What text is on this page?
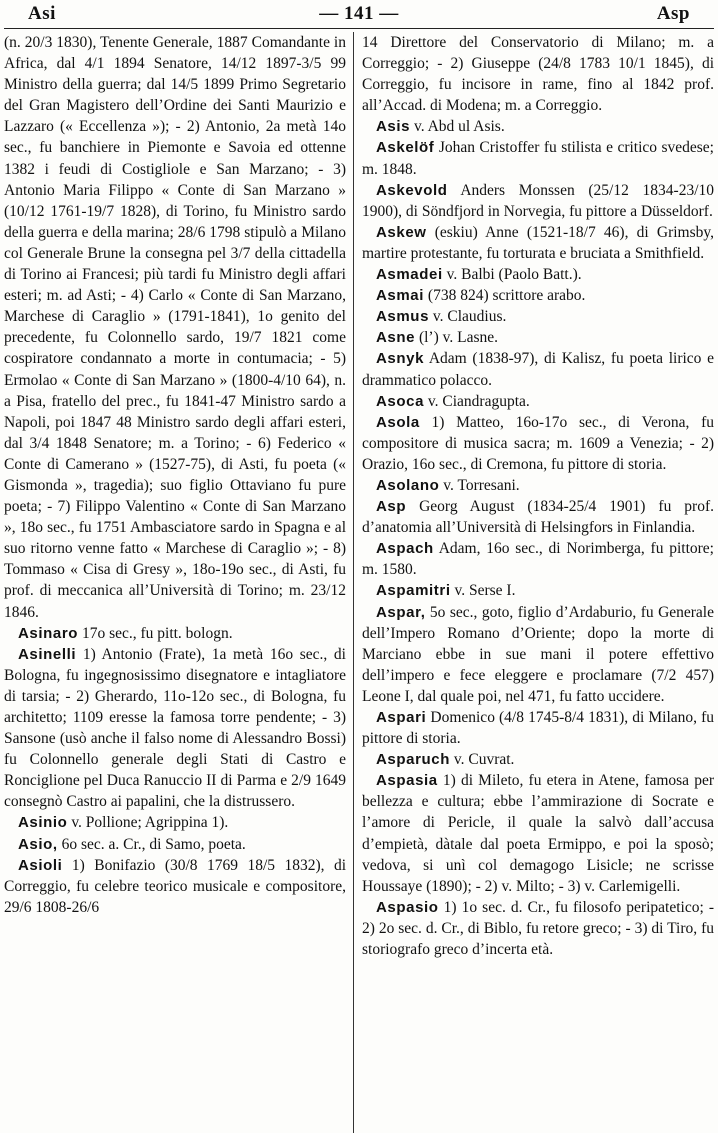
Asi	— 141 —	Asp

(n. 20/3 1830), Tenente Generale, 1887 Comandante in Africa, dal 4/1 1894 Senatore, 14/12 1897-3/5 99 Ministro della guerra; dal 14/5 1899 Primo Segretario del Gran Magistero dell’Ordine dei Santi Maurizio e Lazzaro (« Eccellenza »); - 2) Antonio, 2a metà 14o sec., fu banchiere in Piemonte e Savoia ed ottenne 1382 i feudi di Costigliole e San Marzano; - 3) Antonio Maria Filippo « Conte di San Marzano » (10/12 1761-19/7 1828), di Torino, fu Ministro sardo della guerra e della marina; 28/6 1798 stipulò a Milano col Generale Brune la consegna pel 3/7 della cittadella di Torino ai Francesi; più tardi fu Ministro degli affari esteri; m. ad Asti; - 4) Carlo « Conte di San Marzano, Marchese di Caraglio » (1791-1841), 1o genito del precedente, fu Colonnello sardo, 19/7 1821 come cospiratore condannato a morte in contumacia; - 5) Ermolao « Conte di San Marzano » (1800-4/10 64), n. a Pisa, fratello del prec., fu 1841-47 Ministro sardo a Napoli, poi 1847 48 Ministro sardo degli affari esteri, dal 3/4 1848 Senatore; m. a Torino; - 6) Federico « Conte di Camerano » (1527-75), di Asti, fu poeta (« Gismonda », tragedia); suo figlio Ottaviano fu pure poeta; - 7) Filippo Valentino « Conte di San Marzano », 18o sec., fu 1751 Ambasciatore sardo in Spagna e al suo ritorno venne fatto « Marchese di Caraglio »; - 8) Tommaso « Cisa di Gresy », 18o-19o sec., di Asti, fu prof. di meccanica all’Università di Torino; m. 23/12 1846.

Asinaro 17o sec., fu pitt. bologn.

Asinelli 1) Antonio (Frate), 1a metà 16o sec., di Bologna, fu ingegnosissimo disegnatore e intagliatore di tarsia; - 2) Gherardo, 11o-12o sec., di Bologna, fu architetto; 1109 eresse la famosa torre pendente; - 3) Sansone (usò anche il falso nome di Alessandro Bossi) fu Colonnello generale degli Stati di Castro e Ronciglione pel Duca Ranuccio II di Parma e 2/9 1649 consegnò Castro ai papalini, che la distrussero.

Asinio v. Pollione; Agrippina 1).

Asio, 6o sec. a. Cr., di Samo, poeta.

Asioli 1) Bonifazio (30/8 1769 18/5 1832), di Correggio, fu celebre teorico musicale e compositore, 29/6 1808-26/6

14 Direttore del Conservatorio di Milano; m. a Correggio; - 2) Giuseppe (24/8 1783 10/1 1845), di Correggio, fu incisore in rame, fino al 1842 prof. all’Accad. di Modena; m. a Correggio.

Asis v. Abd ul Asis.

Askelöf Johan Cristoffer fu stilista e critico svedese; m. 1848.

Askevold Anders Monssen (25/12 1834-23/10 1900), di Söndfjord in Norvegia, fu pittore a Düsseldorf.

Askew (eskiu) Anne (1521-18/7 46), di Grimsby, martire protestante, fu torturata e bruciata a Smithfield.

Asmadei v. Balbi (Paolo Batt.).

Asmai (738 824) scrittore arabo.

Asmus v. Claudius.

Asne (l’) v. Lasne.

Asnyk Adam (1838-97), di Kalisz, fu poeta lirico e drammatico polacco.

Asoca v. Ciandragupta.

Asola 1) Matteo, 16o-17o sec., di Verona, fu compositore di musica sacra; m. 1609 a Venezia; - 2) Orazio, 16o sec., di Cremona, fu pittore di storia.

Asolano v. Torresani.

Asp Georg August (1834-25/4 1901) fu prof. d’anatomia all’Università di Helsingfors in Finlandia.

Aspach Adam, 16o sec., di Norimberga, fu pittore; m. 1580.

Aspamitri v. Serse I.

Aspar, 5o sec., goto, figlio d’Ardaburio, fu Generale dell’Impero Romano d’Oriente; dopo la morte di Marciano ebbe in sue mani il potere effettivo dell’impero e fece eleggere e proclamare (7/2 457) Leone I, dal quale poi, nel 471, fu fatto uccidere.

Aspari Domenico (4/8 1745-8/4 1831), di Milano, fu pittore di storia.

Asparuch v. Cuvrat.

Aspasia 1) di Mileto, fu etera in Atene, famosa per bellezza e cultura; ebbe l’ammirazione di Socrate e l’amore di Pericle, il quale la salvò dall’accusa d’empietà, dàtale dal poeta Ermippo, e poi la sposò; vedova, si unì col demagogo Lisicle; ne scrisse Houssaye (1890); - 2) v. Milto; - 3) v. Carlemigelli.

Aspasio 1) 1o sec. d. Cr., fu filosofo peripatetico; - 2) 2o sec. d. Cr., di Biblo, fu retore greco; - 3) di Tiro, fu storiografo greco d’incerta età.
